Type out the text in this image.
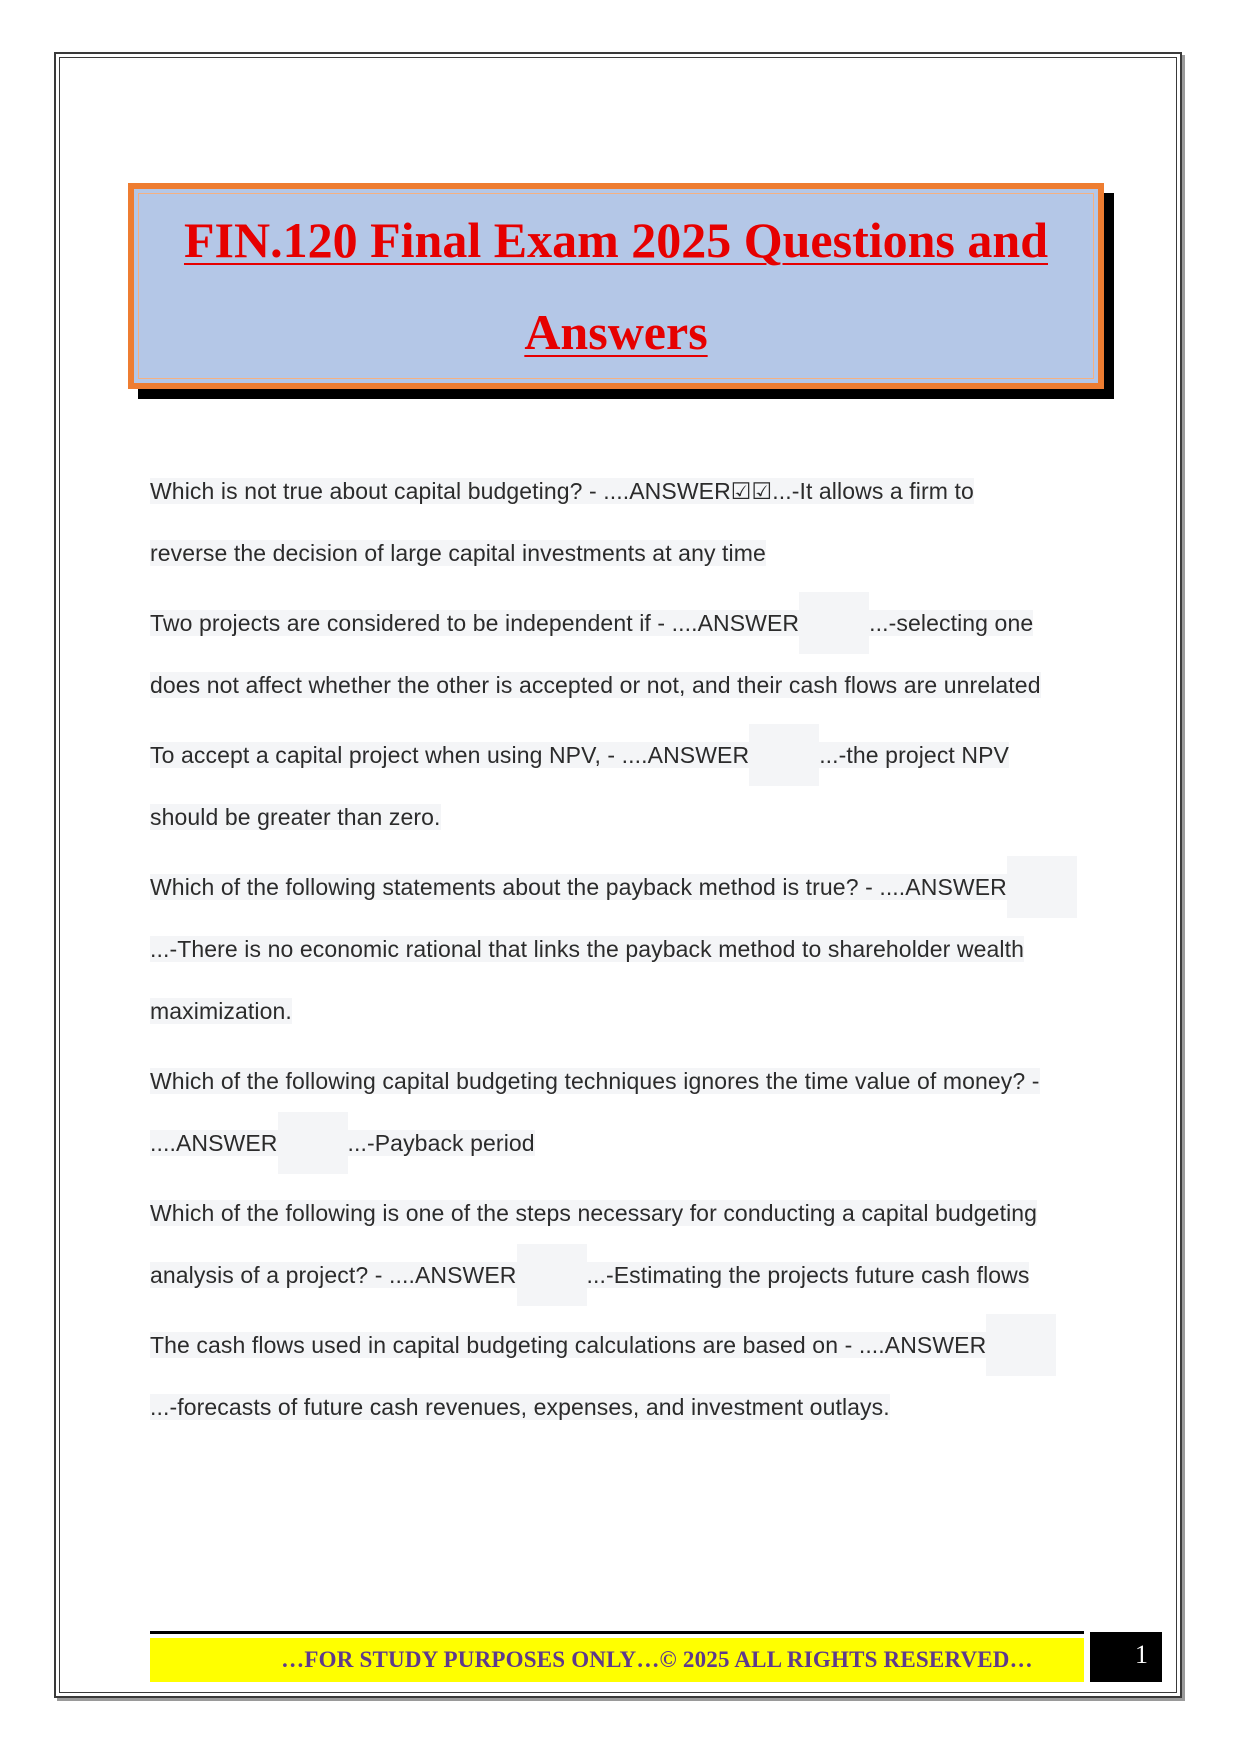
FIN.120 Final Exam 2025 Questions and

Answers

Which is not true about capital budgeting? - ....ANSWER☑☑...-It allows a firm to
reverse the decision of large capital investments at any time

Two projects are considered to be independent if - ....ANSWER	...-selecting one does not affect whether the other is accepted or not, and their cash flows are unrelated

To accept a capital project when using NPV, - ....ANSWER	...-the project NPV should be greater than zero.

Which of the following statements about the payback method is true? - ....ANSWER ...-There is no economic rational that links the payback method to shareholder wealth maximization.

Which of the following capital budgeting techniques ignores the time value of money? - ....ANSWER	...-Payback period

Which of the following is one of the steps necessary for conducting a capital budgeting analysis of a project? - ....ANSWER	...-Estimating the projects future cash flows

The cash flows used in capital budgeting calculations are based on - ....ANSWER ...-forecasts of future cash revenues, expenses, and investment outlays.

…FOR STUDY PURPOSES ONLY…© 2025 ALL RIGHTS RESERVED…	1
